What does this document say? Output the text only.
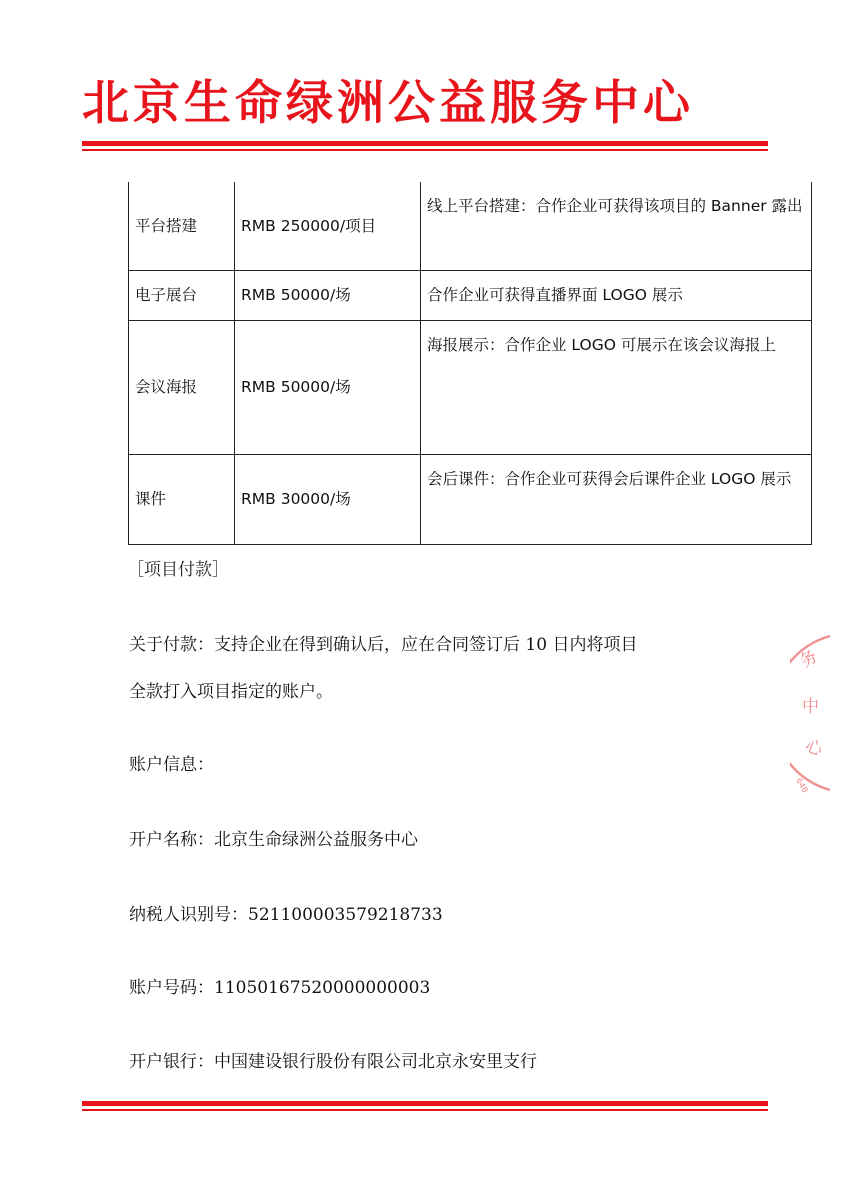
北京生命绿洲公益服务中心
平台搭建	RMB 250000/项目	线上平台搭建：合作企业可获得该项目的 Banner 露出
电子展台	RMB 50000/场	合作企业可获得直播界面 LOGO 展示
会议海报	RMB 50000/场	海报展示：合作企业 LOGO 可展示在该会议海报上
课件	RMB 30000/场	会后课件：合作企业可获得会后课件企业 LOGO 展示
［项目付款］
关于付款：支持企业在得到确认后，应在合同签订后 10 日内将项目
全款打入项目指定的账户。
账户信息：
开户名称：北京生命绿洲公益服务中心
纳税人识别号：521100003579218733
账户号码：11050167520000000003
开户银行：中国建设银行股份有限公司北京永安里支行
务
中
心
648
